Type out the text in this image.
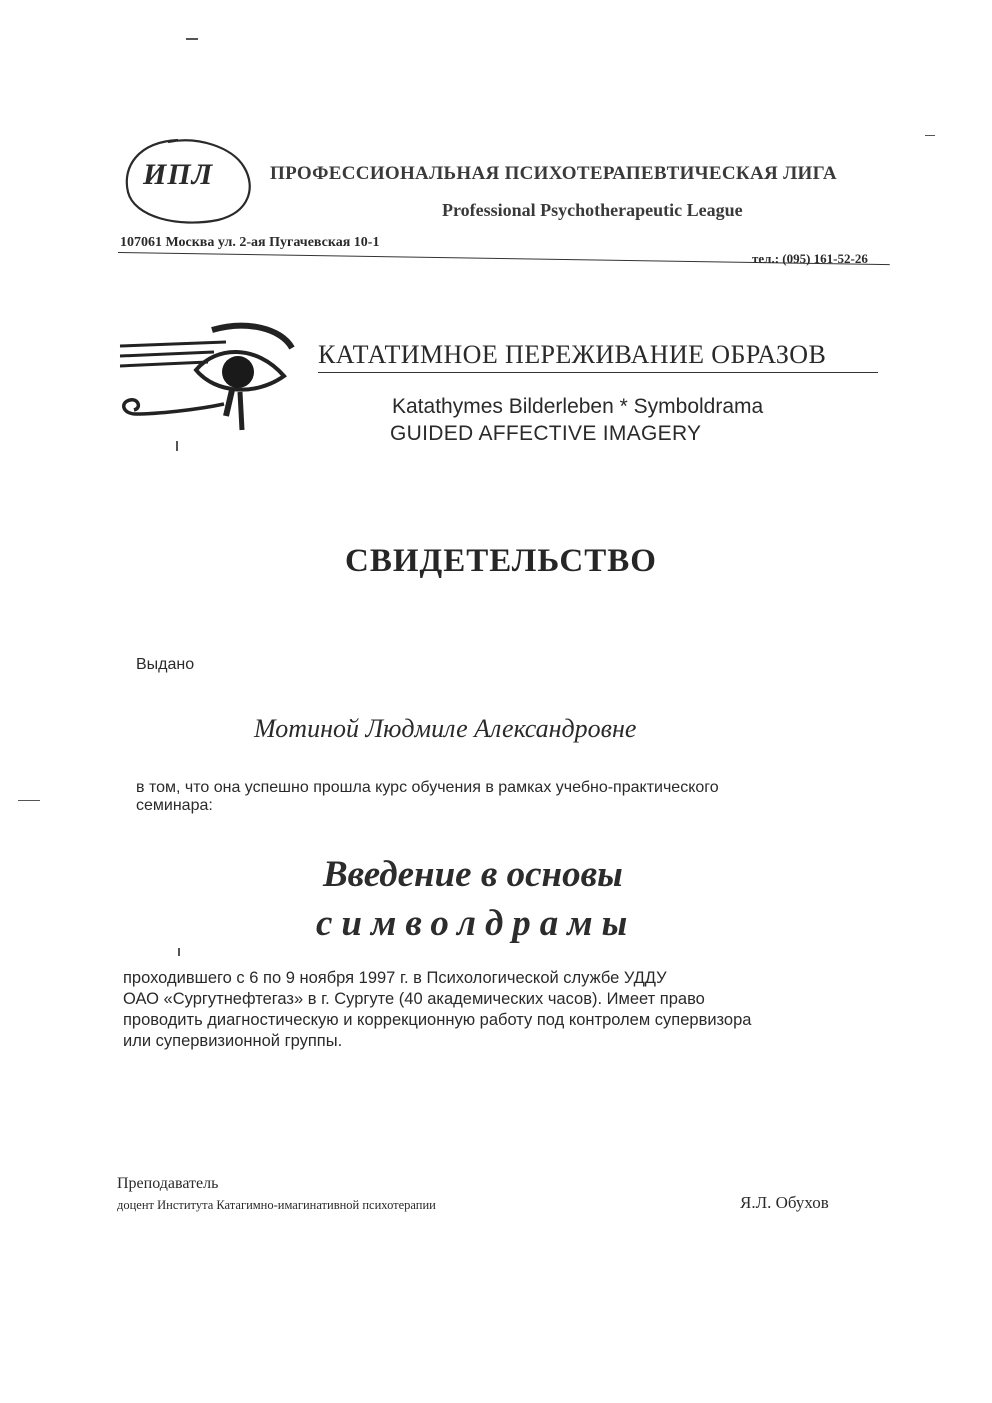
ИПЛ	ПРОФЕССИОНАЛЬНАЯ ПСИХОТЕРАПЕВТИЧЕСКАЯ ЛИГА
Professional Psychotherapeutic League
107061 Москва ул. 2-ая Пугачевская 10-1
тел.: (095) 161-52-26
КАТАТИМНОЕ ПЕРЕЖИВАНИЕ ОБРАЗОВ
Katathymes Bilderleben * Symboldrama
GUIDED AFFECTIVE IMAGERY
СВИДЕТЕЛЬСТВО
Выдано
Мотиной Людмиле Александровне
в том, что она успешно прошла курс обучения в рамках учебно-практического
семинара:
Введение в основы
символдрамы
проходившего с 6 по 9 ноября 1997 г. в Психологической службе УДДУ
ОАО «Сургутнефтегаз» в г. Сургуте (40 академических часов). Имеет право
проводить диагностическую и коррекционную работу под контролем супервизора
или супервизионной группы.
Преподаватель
доцент Института Катагимно-имагинативной психотерапии	Я.Л. Обухов
